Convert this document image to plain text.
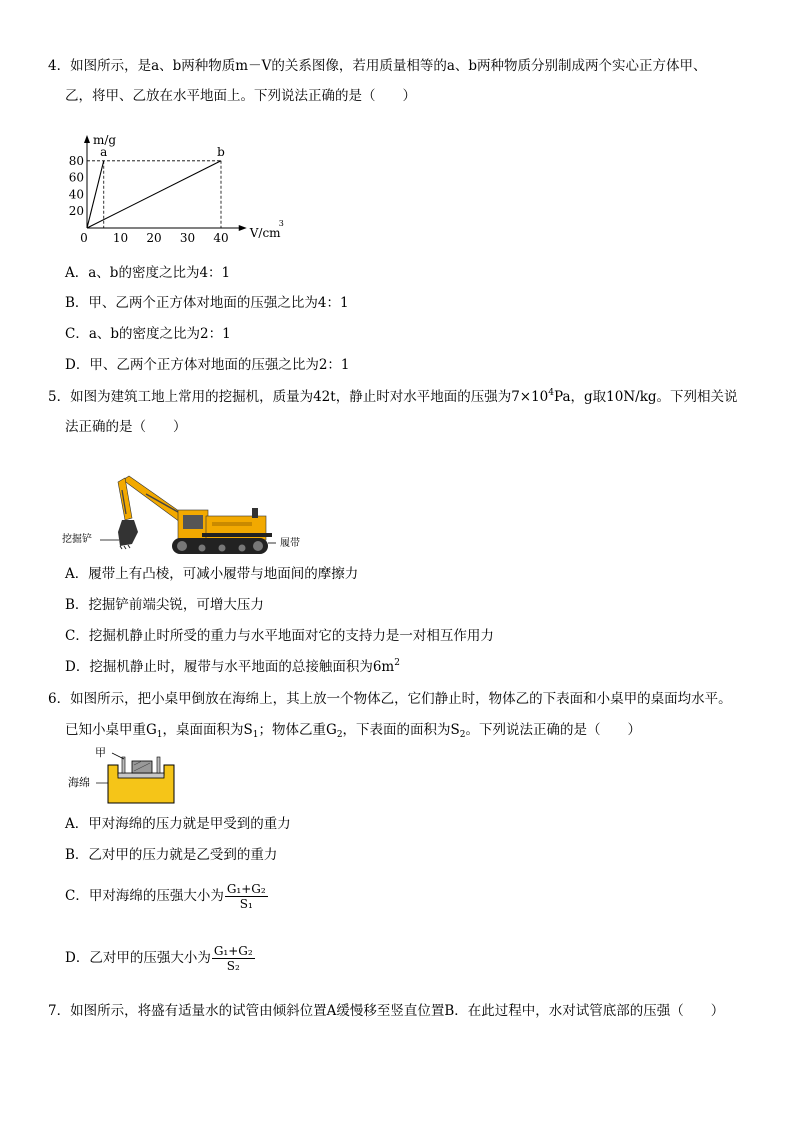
4．如图所示，是a、b两种物质m－V的关系图像，若用质量相等的a、b两种物质分别制成两个实心正方体甲、
乙，将甲、乙放在水平地面上。下列说法正确的是（　　）
m/g
V/cm
3
0 10 20 30 40
20
40
60
80
a	b
A．a、b的密度之比为4：1
B．甲、乙两个正方体对地面的压强之比为4：1
C．a、b的密度之比为2：1
D．甲、乙两个正方体对地面的压强之比为2：1
5．如图为建筑工地上常用的挖掘机，质量为42t，静止时对水平地面的压强为$7\times 10^4Pa$，g取10N/kg。下列相关说
法正确的是（　　）
挖掘铲	履带
A．履带上有凸棱，可减小履带与地面间的摩擦力
B．挖掘铲前端尖锐，可增大压力
C．挖掘机静止时所受的重力与水平地面对它的支持力是一对相互作用力
D．挖掘机静止时，履带与水平地面的总接触面积为$6m^2$
6．如图所示，把小桌甲倒放在海绵上，其上放一个物体乙，它们静止时，物体乙的下表面和小桌甲的桌面均水平。
已知小桌甲重$G_1$，桌面面积为$S_1$；物体乙重$G_2$，下表面的面积为$S_2$。下列说法正确的是（　　）
甲
海绵
A．甲对海绵的压力就是甲受到的重力
B．乙对甲的压力就是乙受到的重力
C．甲对海绵的压强大小为 $\frac{\text{G₁+G₂}}{\text{S₁}}$
D．乙对甲的压强大小为 $\frac{\text{G₁+G₂}}{\text{S₂}}$
7．如图所示，将盛有适量水的试管由倾斜位置A缓慢移至竖直位置B．在此过程中，水对试管底部的压强（　　）
